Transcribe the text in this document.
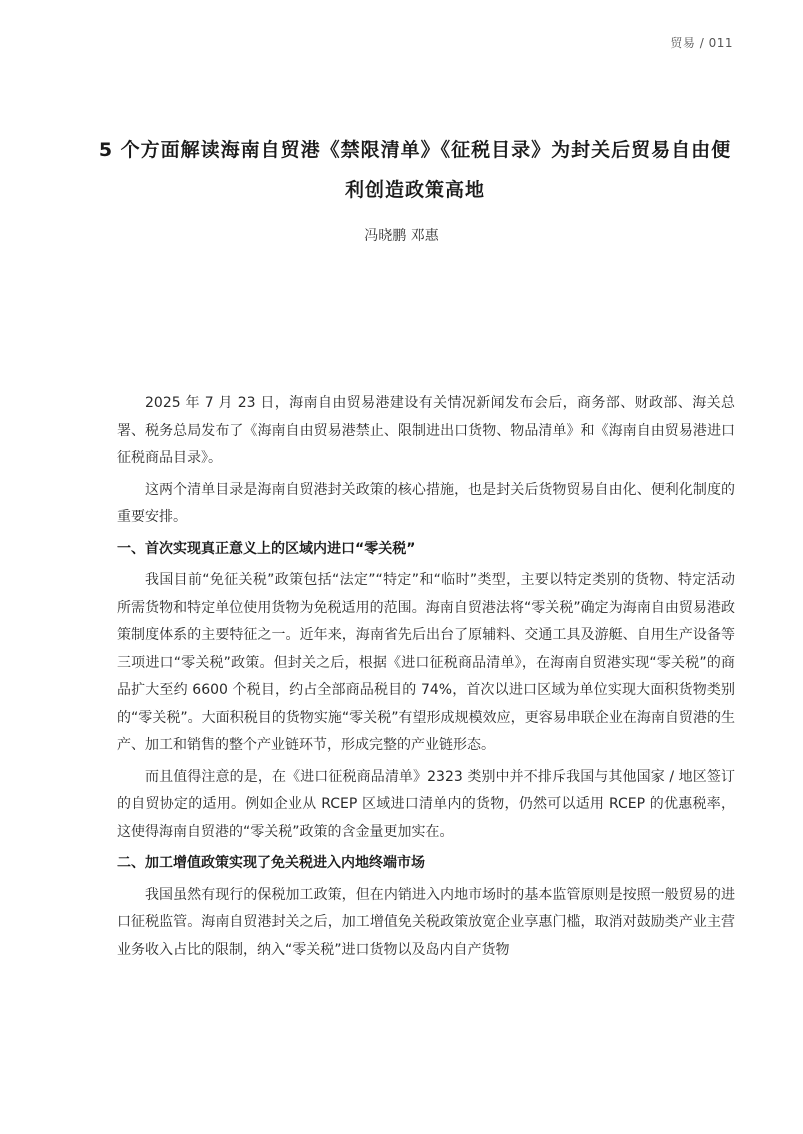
贸易 / 011
5 个方面解读海南自贸港《禁限清单》《征税目录》为封关后贸易自由便利创造政策高地
冯晓鹏 邓惠

2025 年 7 月 23 日，海南自由贸易港建设有关情况新闻发布会后，商务部、财政部、海关总署、税务总局发布了《海南自由贸易港禁止、限制进出口货物、物品清单》和《海南自由贸易港进口征税商品目录》。

这两个清单目录是海南自贸港封关政策的核心措施，也是封关后货物贸易自由化、便利化制度的重要安排。

一、首次实现真正意义上的区域内进口“零关税”

我国目前“免征关税”政策包括“法定”“特定”和“临时”类型，主要以特定类别的货物、特定活动所需货物和特定单位使用货物为免税适用的范围。海南自贸港法将“零关税”确定为海南自由贸易港政策制度体系的主要特征之一。近年来，海南省先后出台了原辅料、交通工具及游艇、自用生产设备等三项进口“零关税”政策。但封关之后，根据《进口征税商品清单》，在海南自贸港实现“零关税”的商品扩大至约 6600 个税目，约占全部商品税目的 74%，首次以进口区域为单位实现大面积货物类别的“零关税”。大面积税目的货物实施“零关税”有望形成规模效应，更容易串联企业在海南自贸港的生产、加工和销售的整个产业链环节，形成完整的产业链形态。

而且值得注意的是，在《进口征税商品清单》2323 类别中并不排斥我国与其他国家 / 地区签订的自贸协定的适用。例如企业从 RCEP 区域进口清单内的货物，仍然可以适用 RCEP 的优惠税率，这使得海南自贸港的“零关税”政策的含金量更加实在。

二、加工增值政策实现了免关税进入内地终端市场

我国虽然有现行的保税加工政策，但在内销进入内地市场时的基本监管原则是按照一般贸易的进口征税监管。海南自贸港封关之后，加工增值免关税政策放宽企业享惠门槛，取消对鼓励类产业主营业务收入占比的限制，纳入“零关税”进口货物以及岛内自产货物
